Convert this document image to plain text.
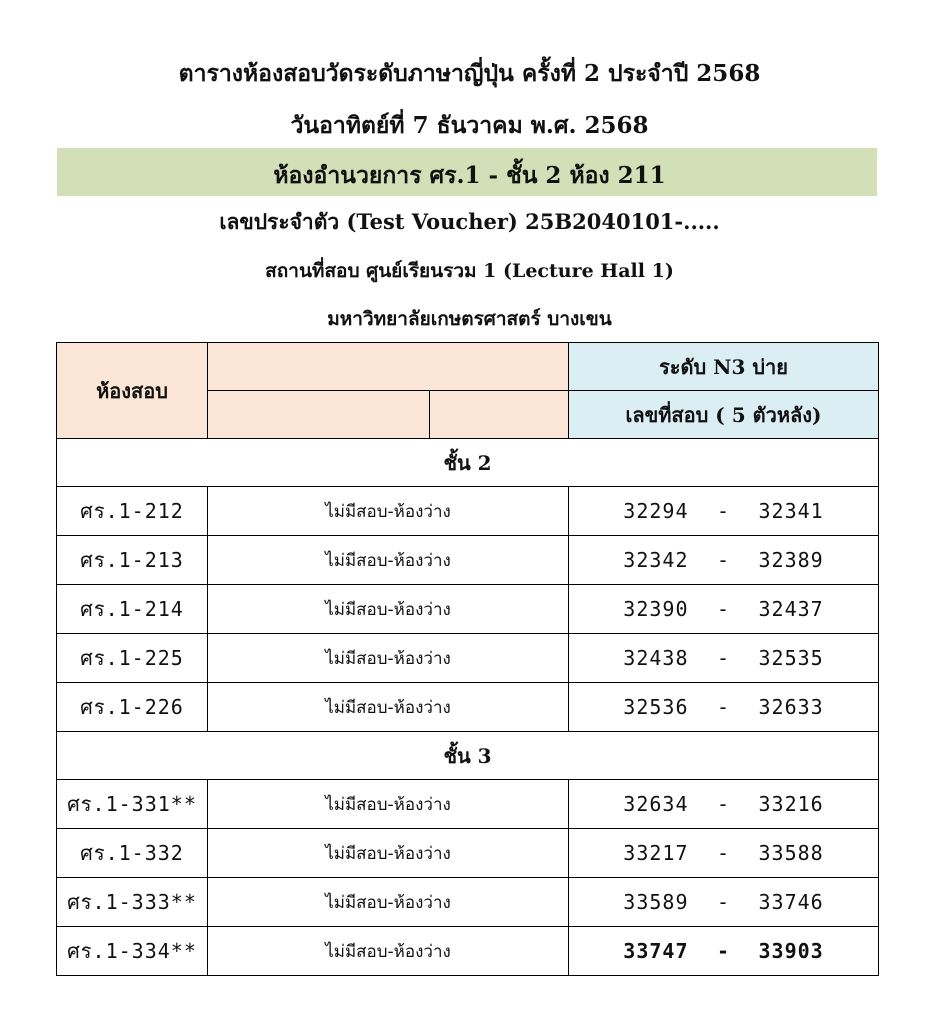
ตารางห้องสอบวัดระดับภาษาญี่ปุ่น ครั้งที่ 2 ประจำปี 2568
วันอาทิตย์ที่ 7 ธันวาคม พ.ศ. 2568
ห้องอำนวยการ ศร.1 - ชั้น 2 ห้อง 211
เลขประจำตัว (Test Voucher) 25B2040101-.....
สถานที่สอบ ศูนย์เรียนรวม 1 (Lecture Hall 1)
มหาวิทยาลัยเกษตรศาสตร์ บางเขน
ห้องสอบ			ระดับ N3 บ่าย
			เลขที่สอบ ( 5 ตัวหลัง)
ชั้น 2			
ศร.1-212	ไม่มีสอบ-ห้องว่าง		32294 - 32341
ศร.1-213	ไม่มีสอบ-ห้องว่าง		32342 - 32389
ศร.1-214	ไม่มีสอบ-ห้องว่าง		32390 - 32437
ศร.1-225	ไม่มีสอบ-ห้องว่าง		32438 - 32535
ศร.1-226	ไม่มีสอบ-ห้องว่าง		32536 - 32633
ชั้น 3			
ศร.1-331**	ไม่มีสอบ-ห้องว่าง		32634 - 33216
ศร.1-332	ไม่มีสอบ-ห้องว่าง		33217 - 33588
ศร.1-333**	ไม่มีสอบ-ห้องว่าง		33589 - 33746
ศร.1-334**	ไม่มีสอบ-ห้องว่าง		33747 - 33903
